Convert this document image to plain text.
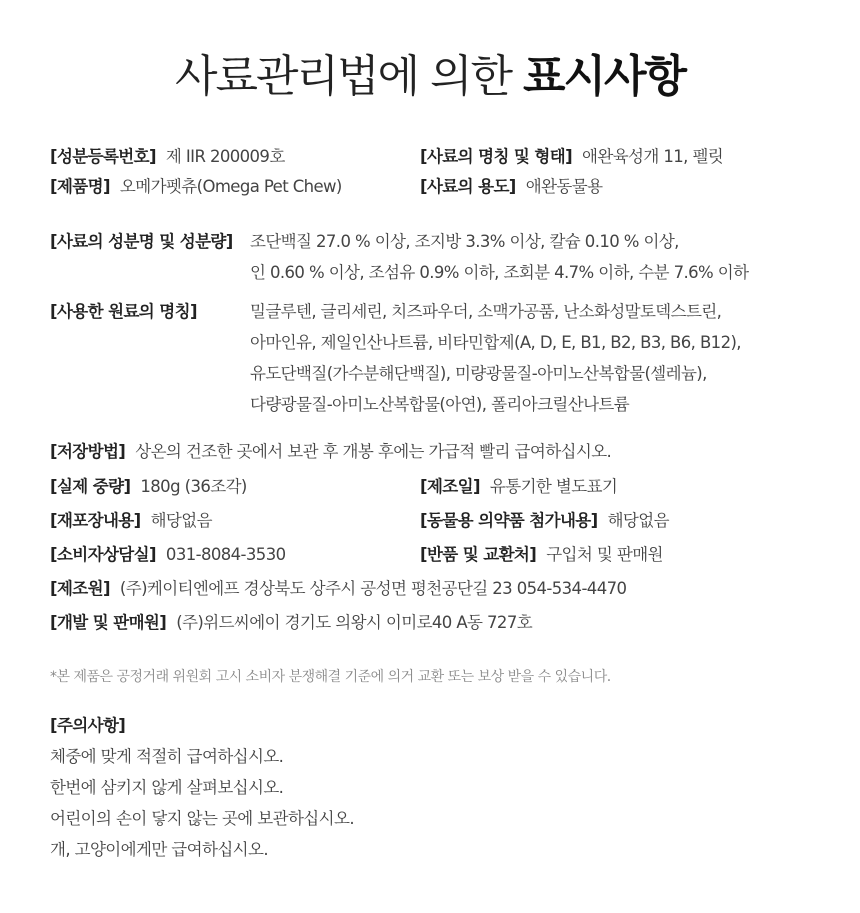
사료관리법에 의한 표시사항
[성분등록번호] 제 IIR 200009호	[사료의 명칭 및 형태] 애완육성개 11, 펠릿
[제품명] 오메가펫츄(Omega Pet Chew)	[사료의 용도] 애완동물용
[사료의 성분명 및 성분량] 조단백질 27.0 % 이상, 조지방 3.3% 이상, 칼슘 0.10 % 이상,
인 0.60 % 이상, 조섬유 0.9% 이하, 조회분 4.7% 이하, 수분 7.6% 이하
[사용한 원료의 명칭]	밀글루텐, 글리세린, 치즈파우더, 소맥가공품, 난소화성말토덱스트린,
아마인유, 제일인산나트륨, 비타민합제(A, D, E, B1, B2, B3, B6, B12),
유도단백질(가수분해단백질), 미량광물질-아미노산복합물(셀레늄),
다량광물질-아미노산복합물(아연), 폴리아크릴산나트륨
[저장방법] 상온의 건조한 곳에서 보관 후 개봉 후에는 가급적 빨리 급여하십시오.
[실제 중량] 180g (36조각)	[제조일] 유통기한 별도표기
[재포장내용] 해당없음	[동물용 의약품 첨가내용] 해당없음
[소비자상담실] 031-8084-3530	[반품 및 교환처] 구입처 및 판매원
[제조원] (주)케이티엔에프 경상북도 상주시 공성면 평천공단길 23 054-534-4470
[개발 및 판매원] (주)위드씨에이 경기도 의왕시 이미로40 A동 727호
*본 제품은 공정거래 위원회 고시 소비자 분쟁해결 기준에 의거 교환 또는 보상 받을 수 있습니다.
[주의사항]
체중에 맞게 적절히 급여하십시오.
한번에 삼키지 않게 살펴보십시오.
어린이의 손이 닿지 않는 곳에 보관하십시오.
개, 고양이에게만 급여하십시오.
